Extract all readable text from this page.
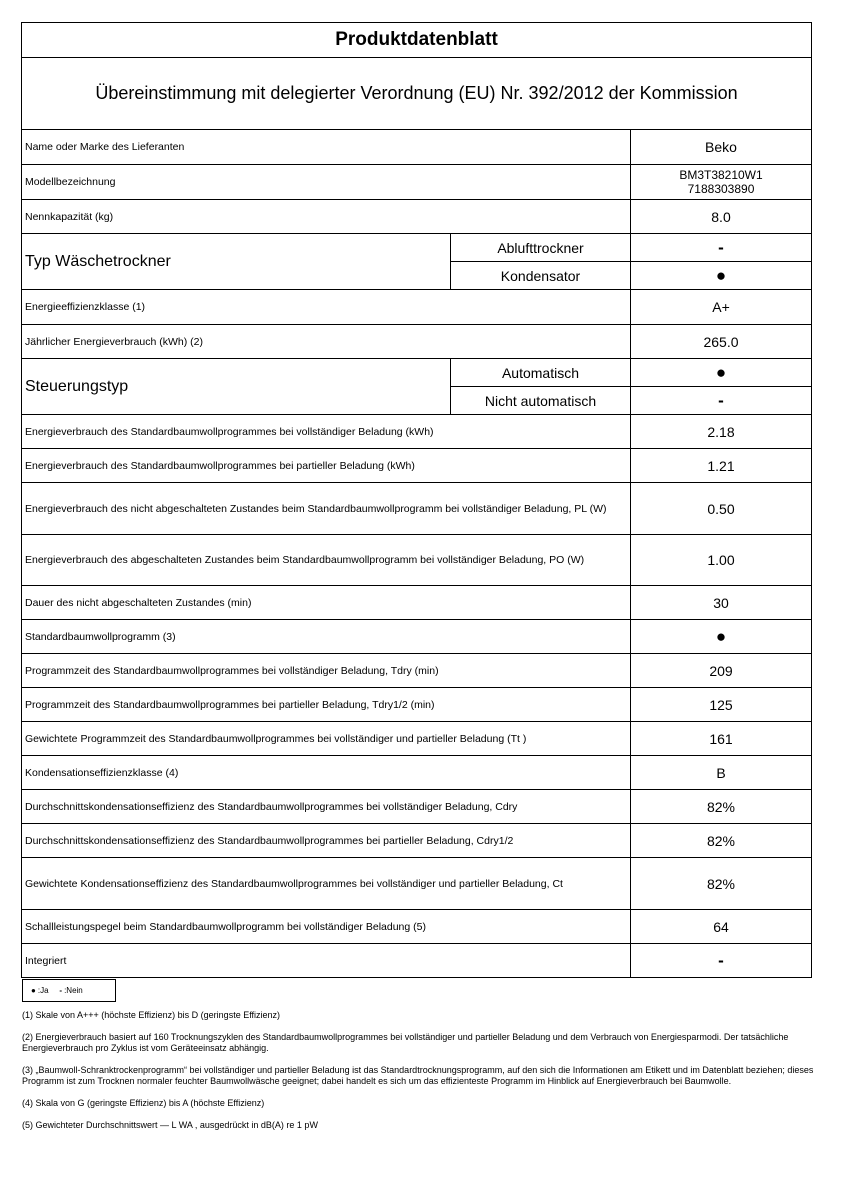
Produktdatenblatt		
Übereinstimmung mit delegierter Verordnung (EU) Nr. 392/2012 der Kommission		
Name oder Marke des Lieferanten		Beko
Modellbezeichnung		BM3T38210W1
7188303890

Nennkapazität (kg)		8.0
Typ Wäschetrockner	Ablufttrockner	-
	Kondensator	●
Energieeffizienzklasse (1)		A+
Jährlicher Energieverbrauch (kWh) (2)		265.0
Steuerungstyp	Automatisch	●
	Nicht automatisch	-
Energieverbrauch des Standardbaumwollprogrammes bei vollständiger Beladung (kWh)		2.18
Energieverbrauch des Standardbaumwollprogrammes bei partieller Beladung (kWh)		1.21
Energieverbrauch des nicht abgeschalteten Zustandes beim Standardbaumwollprogramm bei vollständiger Beladung, PL (W)		0.50
Energieverbrauch des abgeschalteten Zustandes beim Standardbaumwollprogramm bei vollständiger Beladung, PO (W)		1.00
Dauer des nicht abgeschalteten Zustandes (min)		30
Standardbaumwollprogramm (3)		●
Programmzeit des Standardbaumwollprogrammes bei vollständiger Beladung, Tdry (min)		209
Programmzeit des Standardbaumwollprogrammes bei partieller Beladung, Tdry1/2 (min)		125
Gewichtete Programmzeit des Standardbaumwollprogrammes bei vollständiger und partieller Beladung (Tt )		161
Kondensationseffizienzklasse (4)		B
Durchschnittskondensationseffizienz des Standardbaumwollprogrammes bei vollständiger Beladung, Cdry		82%
Durchschnittskondensationseffizienz des Standardbaumwollprogrammes bei partieller Beladung, Cdry1/2		82%
Gewichtete Kondensationseffizienz des Standardbaumwollprogrammes bei vollständiger und partieller Beladung, Ct		82%
Schallleistungspegel beim Standardbaumwollprogramm bei vollständiger Beladung (5)		64
Integriert		-
● :Ja - :Nein

(1) Skale von A+++ (höchste Effizienz) bis D (geringste Effizienz)

(2) Energieverbrauch basiert auf 160 Trocknungszyklen des Standardbaumwollprogrammes bei vollständiger und partieller Beladung und dem Verbrauch von Energiesparmodi. Der tatsächliche Energieverbrauch pro Zyklus ist vom Geräteeinsatz abhängig.

(3) „Baumwoll-Schranktrockenprogramm“ bei vollständiger und partieller Beladung ist das Standardtrocknungsprogramm, auf den sich die Informationen am Etikett und im Datenblatt beziehen; dieses Programm ist zum Trocknen normaler feuchter Baumwollwäsche geeignet; dabei handelt es sich um das effizienteste Programm im Hinblick auf Energieverbrauch bei Baumwolle.

(4) Skala von G (geringste Effizienz) bis A (höchste Effizienz)

(5) Gewichteter Durchschnittswert — L WA , ausgedrückt in dB(A) re 1 pW
